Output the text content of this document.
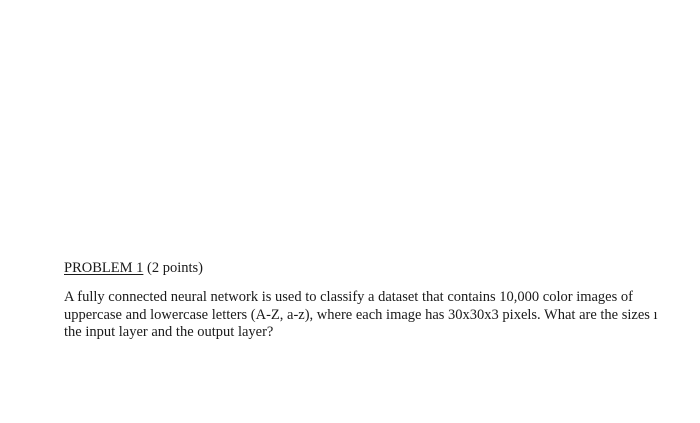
PROBLEM 1 (2 points)
A fully connected neural network is used to classify a dataset that contains 10,000 color images of
uppercase and lowercase letters (A-Z, a-z), where each image has 30x30x3 pixels. What are the sizes ı
the input layer and the output layer?
